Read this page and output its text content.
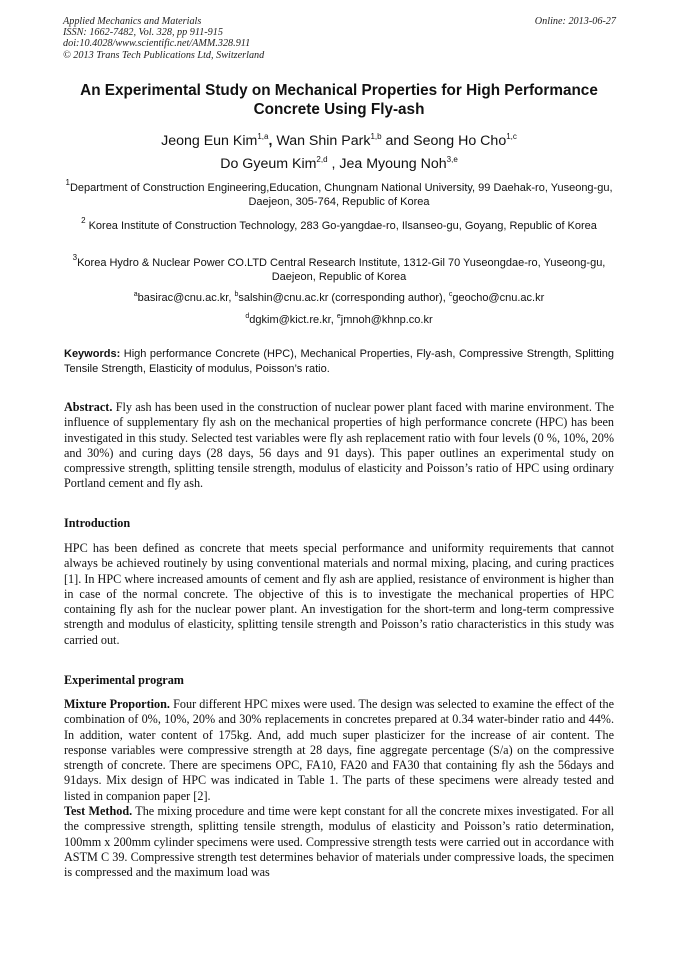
Applied Mechanics and Materials
ISSN: 1662-7482, Vol. 328, pp 911-915
doi:10.4028/www.scientific.net/AMM.328.911
© 2013 Trans Tech Publications Ltd, Switzerland
Online: 2013-06-27
An Experimental Study on Mechanical Properties for High Performance Concrete Using Fly-ash
Jeong Eun Kim$^{1,a}$, Wan Shin Park$^{1,b}$ and Seong Ho Cho$^{1,c}$
Do Gyeum Kim$^{2,d}$ , Jea Myoung Noh$^{3,e}$
$^1$Department of Construction Engineering,Education, Chungnam National University, 99 Daehak-ro, Yuseong-gu, Daejeon, 305-764, Republic of Korea
$^2$ Korea Institute of Construction Technology, 283 Go-yangdae-ro, Ilsanseo-gu, Goyang, Republic of Korea
$^3$Korea Hydro & Nuclear Power CO.LTD Central Research Institute, 1312-Gil 70 Yuseongdae-ro, Yuseong-gu, Daejeon, Republic of Korea
$^a$basirac@cnu.ac.kr, $^b$salshin@cnu.ac.kr (corresponding author), $^c$geocho@cnu.ac.kr
$^d$dgkim@kict.re.kr, $^e$jmnoh@khnp.co.kr
Keywords: High performance Concrete (HPC), Mechanical Properties, Fly-ash, Compressive Strength, Splitting Tensile Strength, Elasticity of modulus, Poisson’s ratio.
Abstract. Fly ash has been used in the construction of nuclear power plant faced with marine environment. The influence of supplementary fly ash on the mechanical properties of high performance concrete (HPC) has been investigated in this study. Selected test variables were fly ash replacement ratio with four levels (0 %, 10%, 20% and 30%) and curing days (28 days, 56 days and 91 days). This paper outlines an experimental study on compressive strength, splitting tensile strength, modulus of elasticity and Poisson’s ratio of HPC using ordinary Portland cement and fly ash.
Introduction
HPC has been defined as concrete that meets special performance and uniformity requirements that cannot always be achieved routinely by using conventional materials and normal mixing, placing, and curing practices [1]. In HPC where increased amounts of cement and fly ash are applied, resistance of environment is higher than in case of the normal concrete. The objective of this is to investigate the mechanical properties of HPC containing fly ash for the nuclear power plant. An investigation for the short-term and long-term compressive strength and modulus of elasticity, splitting tensile strength and Poisson’s ratio characteristics in this study was carried out.
Experimental program
Mixture Proportion. Four different HPC mixes were used. The design was selected to examine the effect of the combination of 0%, 10%, 20% and 30% replacements in concretes prepared at 0.34 water-binder ratio and 44%. In addition, water content of 175kg. And, add much super plasticizer for the increase of air content. The response variables were compressive strength at 28 days, fine aggregate percentage (S/a) on the compressive strength of concrete. There are specimens OPC, FA10, FA20 and FA30 that containing fly ash the 56days and 91days. Mix design of HPC was indicated in Table 1. The parts of these specimens were already tested and listed in companion paper [2].
Test Method. The mixing procedure and time were kept constant for all the concrete mixes investigated. For all the compressive strength, splitting tensile strength, modulus of elasticity and Poisson’s ratio determination, 100mm x 200mm cylinder specimens were used. Compressive strength tests were carried out in accordance with ASTM C 39. Compressive strength test determines behavior of materials under compressive loads, the specimen is compressed and the maximum load was
